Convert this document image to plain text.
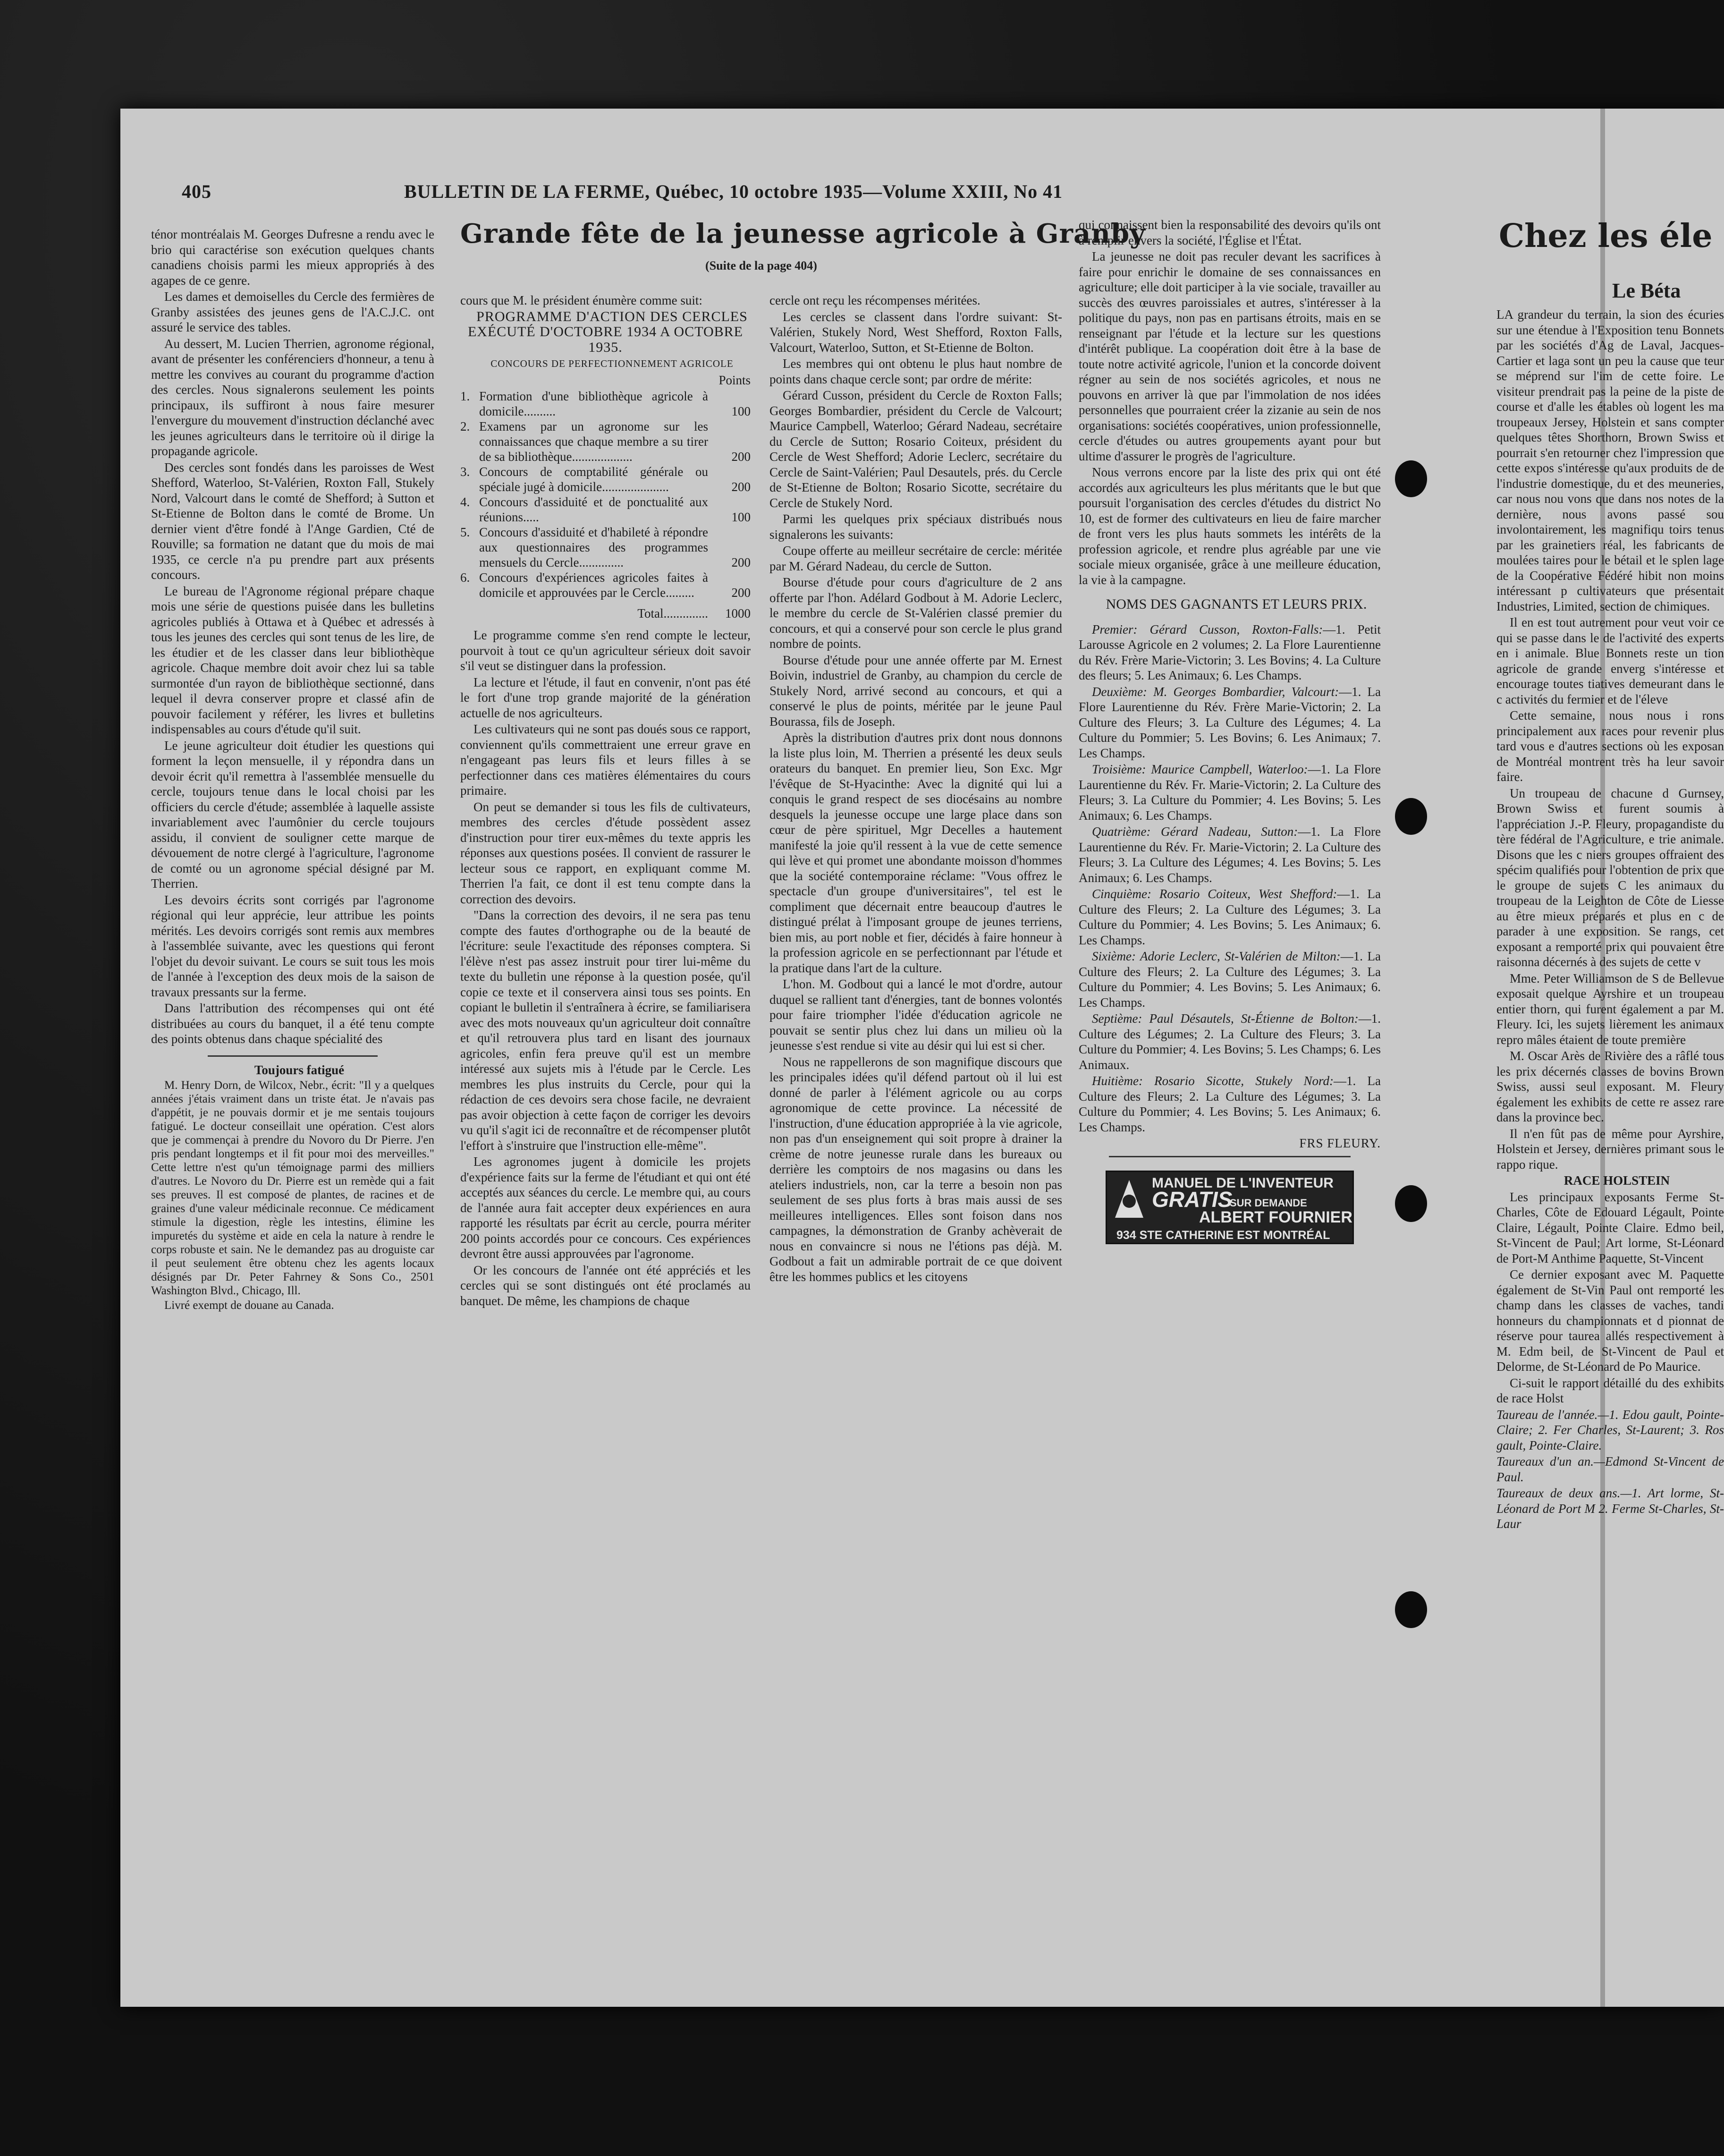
405	BULLETIN DE LA FERME, Québec, 10 octobre 1935—Volume XXIII, No 41

ténor montréalais M. Georges Dufresne a rendu avec le brio qui caractérise son exécution quelques chants canadiens choisis parmi les mieux appropriés à des agapes de ce genre.

Les dames et demoiselles du Cercle des fermières de Granby assistées des jeunes gens de l'A.C.J.C. ont assuré le service des tables.

Au dessert, M. Lucien Therrien, agronome régional, avant de présenter les conférenciers d'honneur, a tenu à mettre les convives au courant du programme d'action des cercles. Nous signalerons seulement les points principaux, ils suffiront à nous faire mesurer l'envergure du mouvement d'instruction déclanché avec les jeunes agriculteurs dans le territoire où il dirige la propagande agricole.

Des cercles sont fondés dans les paroisses de West Shefford, Waterloo, St-Valérien, Roxton Fall, Stukely Nord, Valcourt dans le comté de Shefford; à Sutton et St-Etienne de Bolton dans le comté de Brome. Un dernier vient d'être fondé à l'Ange Gardien, Cté de Rouville; sa formation ne datant que du mois de mai 1935, ce cercle n'a pu prendre part aux présents concours.

Le bureau de l'Agronome régional prépare chaque mois une série de questions puisée dans les bulletins agricoles publiés à Ottawa et à Québec et adressés à tous les jeunes des cercles qui sont tenus de les lire, de les étudier et de les classer dans leur bibliothèque agricole. Chaque membre doit avoir chez lui sa table surmontée d'un rayon de bibliothèque sectionné, dans lequel il devra conserver propre et classé afin de pouvoir facilement y référer, les livres et bulletins indispensables au cours d'étude qu'il suit.

Le jeune agriculteur doit étudier les questions qui forment la leçon mensuelle, il y répondra dans un devoir écrit qu'il remettra à l'assemblée mensuelle du cercle, toujours tenue dans le local choisi par les officiers du cercle d'étude; assemblée à laquelle assiste invariablement avec l'aumônier du cercle toujours assidu, il convient de souligner cette marque de dévouement de notre clergé à l'agriculture, l'agronome de comté ou un agronome spécial désigné par M. Therrien.

Les devoirs écrits sont corrigés par l'agronome régional qui leur apprécie, leur attribue les points mérités. Les devoirs corrigés sont remis aux membres à l'assemblée suivante, avec les questions qui feront l'objet du devoir suivant. Le cours se suit tous les mois de l'année à l'exception des deux mois de la saison de travaux pressants sur la ferme.

Dans l'attribution des récompenses qui ont été distribuées au cours du banquet, il a été tenu compte des points obtenus dans chaque spécialité des

Toujours fatigué

M. Henry Dorn, de Wilcox, Nebr., écrit: "Il y a quelques années j'étais vraiment dans un triste état. Je n'avais pas d'appétit, je ne pouvais dormir et je me sentais toujours fatigué. Le docteur conseillait une opération. C'est alors que je commençai à prendre du Novoro du Dr Pierre. J'en pris pendant longtemps et il fit pour moi des merveilles." Cette lettre n'est qu'un témoignage parmi des milliers d'autres. Le Novoro du Dr. Pierre est un remède qui a fait ses preuves. Il est composé de plantes, de racines et de graines d'une valeur médicinale reconnue. Ce médicament stimule la digestion, règle les intestins, élimine les impuretés du système et aide en cela la nature à rendre le corps robuste et sain. Ne le demandez pas au droguiste car il peut seulement être obtenu chez les agents locaux désignés par Dr. Peter Fahrney & Sons Co., 2501 Washington Blvd., Chicago, Ill.

Livré exempt de douane au Canada.

Grande fête de la jeunesse agricole à Granby
(Suite de la page 404)

cours que M. le président énumère comme suit:

PROGRAMME D'ACTION DES CERCLES EXÉCUTÉ D'OCTOBRE 1934 A OCTOBRE 1935.

CONCOURS DE PERFECTIONNEMENT AGRICOLE

Points

1.	Formation d'une bibliothèque agricole à domicile..........	100
2.	Examens par un agronome sur les connaissances que chaque membre a su tirer de sa bibliothèque...................	200
3.	Concours de comptabilité générale ou spéciale jugé à domicile.....................	200
4.	Concours d'assiduité et de ponctualité aux réunions.....	100
5.	Concours d'assiduité et d'habileté à répondre aux questionnaires des programmes mensuels du Cercle..............	200
6.	Concours d'expériences agricoles faites à domicile et approuvées par le Cercle.........	200
	Total..............	1000

Le programme comme s'en rend compte le lecteur, pourvoit à tout ce qu'un agriculteur sérieux doit savoir s'il veut se distinguer dans la profession.

La lecture et l'étude, il faut en convenir, n'ont pas été le fort d'une trop grande majorité de la génération actuelle de nos agriculteurs.

Les cultivateurs qui ne sont pas doués sous ce rapport, conviennent qu'ils commettraient une erreur grave en n'engageant pas leurs fils et leurs filles à se perfectionner dans ces matières élémentaires du cours primaire.

On peut se demander si tous les fils de cultivateurs, membres des cercles d'étude possèdent assez d'instruction pour tirer eux-mêmes du texte appris les réponses aux questions posées. Il convient de rassurer le lecteur sous ce rapport, en expliquant comme M. Therrien l'a fait, ce dont il est tenu compte dans la correction des devoirs.

"Dans la correction des devoirs, il ne sera pas tenu compte des fautes d'orthographe ou de la beauté de l'écriture: seule l'exactitude des réponses comptera. Si l'élève n'est pas assez instruit pour tirer lui-même du texte du bulletin une réponse à la question posée, qu'il copie ce texte et il conservera ainsi tous ses points. En copiant le bulletin il s'entraînera à écrire, se familiarisera avec des mots nouveaux qu'un agriculteur doit connaître et qu'il retrouvera plus tard en lisant des journaux agricoles, enfin fera preuve qu'il est un membre intéressé aux sujets mis à l'étude par le Cercle. Les membres les plus instruits du Cercle, pour qui la rédaction de ces devoirs sera chose facile, ne devraient pas avoir objection à cette façon de corriger les devoirs vu qu'il s'agit ici de reconnaître et de récompenser plutôt l'effort à s'instruire que l'instruction elle-même".

Les agronomes jugent à domicile les projets d'expérience faits sur la ferme de l'étudiant et qui ont été acceptés aux séances du cercle. Le membre qui, au cours de l'année aura fait accepter deux expériences en aura rapporté les résultats par écrit au cercle, pourra mériter 200 points accordés pour ce concours. Ces expériences devront être aussi approuvées par l'agronome.

Or les concours de l'année ont été appréciés et les cercles qui se sont distingués ont été proclamés au banquet. De même, les champions de chaque

cercle ont reçu les récompenses méritées.

Les cercles se classent dans l'ordre suivant: St-Valérien, Stukely Nord, West Shefford, Roxton Falls, Valcourt, Waterloo, Sutton, et St-Etienne de Bolton.

Les membres qui ont obtenu le plus haut nombre de points dans chaque cercle sont; par ordre de mérite:

Gérard Cusson, président du Cercle de Roxton Falls; Georges Bombardier, président du Cercle de Valcourt; Maurice Campbell, Waterloo; Gérard Nadeau, secrétaire du Cercle de Sutton; Rosario Coiteux, président du Cercle de West Shefford; Adorie Leclerc, secrétaire du Cercle de Saint-Valérien; Paul Desautels, prés. du Cercle de St-Etienne de Bolton; Rosario Sicotte, secrétaire du Cercle de Stukely Nord.

Parmi les quelques prix spéciaux distribués nous signalerons les suivants:

Coupe offerte au meilleur secrétaire de cercle: méritée par M. Gérard Nadeau, du cercle de Sutton.

Bourse d'étude pour cours d'agriculture de 2 ans offerte par l'hon. Adélard Godbout à M. Adorie Leclerc, le membre du cercle de St-Valérien classé premier du concours, et qui a conservé pour son cercle le plus grand nombre de points.

Bourse d'étude pour une année offerte par M. Ernest Boivin, industriel de Granby, au champion du cercle de Stukely Nord, arrivé second au concours, et qui a conservé le plus de points, méritée par le jeune Paul Bourassa, fils de Joseph.

Après la distribution d'autres prix dont nous donnons la liste plus loin, M. Therrien a présenté les deux seuls orateurs du banquet. En premier lieu, Son Exc. Mgr l'évêque de St-Hyacinthe: Avec la dignité qui lui a conquis le grand respect de ses diocésains au nombre desquels la jeunesse occupe une large place dans son cœur de père spirituel, Mgr Decelles a hautement manifesté la joie qu'il ressent à la vue de cette semence qui lève et qui promet une abondante moisson d'hommes que la société contemporaine réclame: "Vous offrez le spectacle d'un groupe d'universitaires", tel est le compliment que décernait entre beaucoup d'autres le distingué prélat à l'imposant groupe de jeunes terriens, bien mis, au port noble et fier, décidés à faire honneur à la profession agricole en se perfectionnant par l'étude et la pratique dans l'art de la culture.

L'hon. M. Godbout qui a lancé le mot d'ordre, autour duquel se rallient tant d'énergies, tant de bonnes volontés pour faire triompher l'idée d'éducation agricole ne pouvait se sentir plus chez lui dans un milieu où la jeunesse s'est rendue si vite au désir qui lui est si cher.

Nous ne rappellerons de son magnifique discours que les principales idées qu'il défend partout où il lui est donné de parler à l'élément agricole ou au corps agronomique de cette province. La nécessité de l'instruction, d'une éducation appropriée à la vie agricole, non pas d'un enseignement qui soit propre à drainer la crème de notre jeunesse rurale dans les bureaux ou derrière les comptoirs de nos magasins ou dans les ateliers industriels, non, car la terre a besoin non pas seulement de ses plus forts à bras mais aussi de ses meilleures intelligences. Elles sont foison dans nos campagnes, la démonstration de Granby achèverait de nous en convaincre si nous ne l'étions pas déjà. M. Godbout a fait un admirable portrait de ce que doivent être les hommes publics et les citoyens

qui connaissent bien la responsabilité des devoirs qu'ils ont à remplir envers la société, l'Église et l'État.

La jeunesse ne doit pas reculer devant les sacrifices à faire pour enrichir le domaine de ses connaissances en agriculture; elle doit participer à la vie sociale, travailler au succès des œuvres paroissiales et autres, s'intéresser à la politique du pays, non pas en partisans étroits, mais en se renseignant par l'étude et la lecture sur les questions d'intérêt publique. La coopération doit être à la base de toute notre activité agricole, l'union et la concorde doivent régner au sein de nos sociétés agricoles, et nous ne pouvons en arriver là que par l'immolation de nos idées personnelles que pourraient créer la zizanie au sein de nos organisations: sociétés coopératives, union professionnelle, cercle d'études ou autres groupements ayant pour but ultime d'assurer le progrès de l'agriculture.

Nous verrons encore par la liste des prix qui ont été accordés aux agriculteurs les plus méritants que le but que poursuit l'organisation des cercles d'études du district No 10, est de former des cultivateurs en lieu de faire marcher de front vers les plus hauts sommets les intérêts de la profession agricole, et rendre plus agréable par une vie sociale mieux organisée, grâce à une meilleure éducation, la vie à la campagne.

NOMS DES GAGNANTS ET LEURS PRIX.

Premier: Gérard Cusson, Roxton-Falls:—1. Petit Larousse Agricole en 2 volumes; 2. La Flore Laurentienne du Rév. Frère Marie-Victorin; 3. Les Bovins; 4. La Culture des fleurs; 5. Les Animaux; 6. Les Champs.

Deuxième: M. Georges Bombardier, Valcourt:—1. La Flore Laurentienne du Rév. Frère Marie-Victorin; 2. La Culture des Fleurs; 3. La Culture des Légumes; 4. La Culture du Pommier; 5. Les Bovins; 6. Les Animaux; 7. Les Champs.

Troisième: Maurice Campbell, Waterloo:—1. La Flore Laurentienne du Rév. Fr. Marie-Victorin; 2. La Culture des Fleurs; 3. La Culture du Pommier; 4. Les Bovins; 5. Les Animaux; 6. Les Champs.

Quatrième: Gérard Nadeau, Sutton:—1. La Flore Laurentienne du Rév. Fr. Marie-Victorin; 2. La Culture des Fleurs; 3. La Culture des Légumes; 4. Les Bovins; 5. Les Animaux; 6. Les Champs.

Cinquième: Rosario Coiteux, West Shefford:—1. La Culture des Fleurs; 2. La Culture des Légumes; 3. La Culture du Pommier; 4. Les Bovins; 5. Les Animaux; 6. Les Champs.

Sixième: Adorie Leclerc, St-Valérien de Milton:—1. La Culture des Fleurs; 2. La Culture des Légumes; 3. La Culture du Pommier; 4. Les Bovins; 5. Les Animaux; 6. Les Champs.

Septième: Paul Désautels, St-Étienne de Bolton:—1. Culture des Légumes; 2. La Culture des Fleurs; 3. La Culture du Pommier; 4. Les Bovins; 5. Les Champs; 6. Les Animaux.

Huitième: Rosario Sicotte, Stukely Nord:—1. La Culture des Fleurs; 2. La Culture des Légumes; 3. La Culture du Pommier; 4. Les Bovins; 5. Les Animaux; 6. Les Champs.

FRS FLEURY.

MANUEL DE L'INVENTEUR
GRATIS
SUR DEMANDE
ALBERT FOURNIER
934 STE CATHERINE EST MONTRÉAL
Chez les éle
Le Béta

LA grandeur du terrain, la sion des écuries sur une étendue à l'Exposition tenu Bonnets par les sociétés d'Ag de Laval, Jacques-Cartier et laga sont un peu la cause que teur se méprend sur l'im de cette foire. Le visiteur prendrait pas la peine de la piste de course et d'alle les étables où logent les ma troupeaux Jersey, Holstein et sans compter quelques têtes Shorthorn, Brown Swiss et pourrait s'en retourner chez l'impression que cette expos s'intéresse qu'aux produits de de l'industrie domestique, du et des meuneries, car nous nou vons que dans nos notes de la dernière, nous avons passé sou involontairement, les magnifiqu toirs tenus par les grainetiers réal, les fabricants de moulées taires pour le bétail et le splen lage de la Coopérative Fédéré hibit non moins intéressant p cultivateurs que présentait Industries, Limited, section de chimiques.

Il en est tout autrement pour veut voir ce qui se passe dans le de l'activité des experts en i animale. Blue Bonnets reste un tion agricole de grande enverg s'intéresse et encourage toutes tiatives demeurant dans le c activités du fermier et de l'éleve

Cette semaine, nous nous i rons principalement aux races pour revenir plus tard vous e d'autres sections où les exposan de Montréal montrent très ha leur savoir faire.

Un troupeau de chacune d Gurnsey, Brown Swiss et furent soumis à l'appréciation J.-P. Fleury, propagandiste du tère fédéral de l'Agriculture, e trie animale. Disons que les c niers groupes offraient des spécim qualifiés pour l'obtention de prix que le groupe de sujets C les animaux du troupeau de la Leighton de Côte de Liesse au être mieux préparés et plus en c de parader à une exposition. Se rangs, cet exposant a remporté prix qui pouvaient être raisonna décernés à des sujets de cette v

Mme. Peter Williamson de S de Bellevue exposait quelque Ayrshire et un troupeau entier thorn, qui furent également a par M. Fleury. Ici, les sujets lièrement les animaux repro mâles étaient de toute première

M. Oscar Arès de Rivière des a râflé tous les prix décernés classes de bovins Brown Swiss, aussi seul exposant. M. Fleury également les exhibits de cette re assez rare dans la province bec.

Il n'en fût pas de même pour Ayrshire, Holstein et Jersey, dernières primant sous le rappo rique.

RACE HOLSTEIN

Les principaux exposants Ferme St-Charles, Côte de Edouard Légault, Pointe Claire, Légault, Pointe Claire. Edmo beil, St-Vincent de Paul; Art lorme, St-Léonard de Port-M Anthime Paquette, St-Vincent

Ce dernier exposant avec M. Paquette également de St-Vin Paul ont remporté les champ dans les classes de vaches, tandi honneurs du championnats et d pionnat de réserve pour taurea allés respectivement à M. Edm beil, de St-Vincent de Paul et Delorme, de St-Léonard de Po Maurice.

Ci-suit le rapport détaillé du des exhibits de race Holst

Taureau de l'année.—1. Edou gault, Pointe-Claire; 2. Fer Charles, St-Laurent; 3. Ros gault, Pointe-Claire.

Taureaux d'un an.—Edmond St-Vincent de Paul.

Taureaux de deux ans.—1. Art lorme, St-Léonard de Port M 2. Ferme St-Charles, St-Laur
